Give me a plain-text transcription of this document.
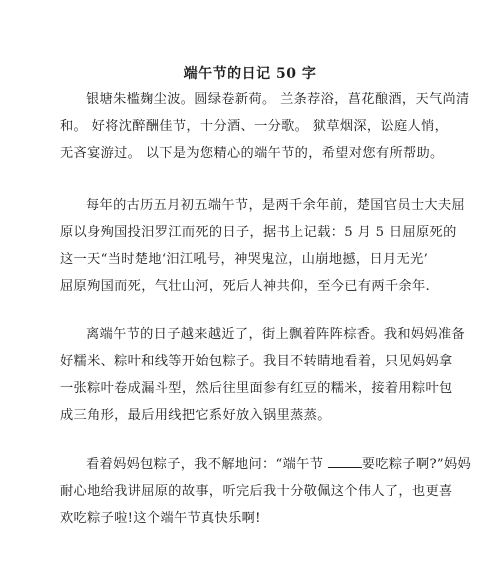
端午节的日记 50 字

银塘朱槛麹尘波。圆绿卷新荷。 兰条荐浴，菖花酿酒，天气尚清
和。 好将沈醉酬佳节，十分酒、一分歌。 狱草烟深，讼庭人悄，
无吝宴游过。 以下是为您精心的端午节的，希望对您有所帮助。

每年的古历五月初五端午节，是两千余年前，楚国官员士大夫屈
原以身殉国投汨罗江而死的日子，据书上记载：5 月 5 日屈原死的
这一天“当时楚地‘汨江吼号，神哭鬼泣，山崩地撼，日月无光’
屈原殉国而死，气壮山河，死后人神共仰，至今已有两千余年.

离端午节的日子越来越近了，街上飘着阵阵棕香。我和妈妈准备
好糯米、粽叶和线等开始包粽子。我目不转睛地看着，只见妈妈拿
一张粽叶卷成漏斗型，然后往里面参有红豆的糯米，接着用粽叶包
成三角形，最后用线把它系好放入锅里蒸蒸。

看着妈妈包粽子，我不解地问：“端午节	要吃粽子啊?”妈妈
耐心地给我讲屈原的故事，听完后我十分敬佩这个伟人了，也更喜
欢吃粽子啦!这个端午节真快乐啊!
